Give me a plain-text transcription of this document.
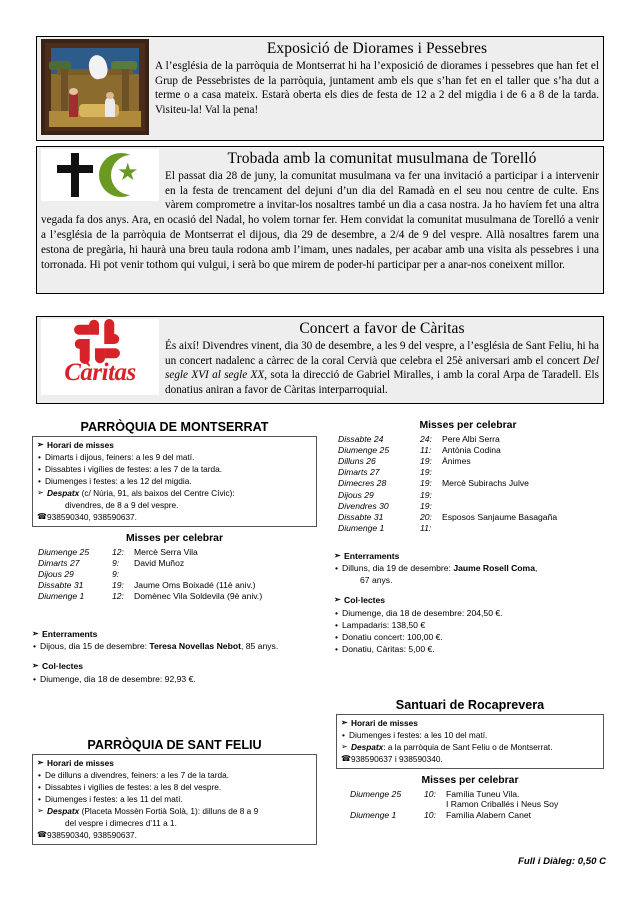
Exposició de Diorames i Pessebres
A l’església de la parròquia de Montserrat hi ha l’exposició de diorames i pessebres que han fet el Grup de Pessebristes de la parròquia, juntament amb els que s’han fet en el taller que s’ha dut a terme o a casa mateix. Estarà oberta els dies de festa de 12 a 2 del migdia i de 6 a 8 de la tarda. Visiteu-la! Val la pena!
Trobada amb la comunitat musulmana de Torelló
El passat dia 28 de juny, la comunitat musulmana va fer una invitació a participar i a intervenir en la festa de trencament del dejuni d’un dia del Ramadà en el seu nou centre de culte. Ens vàrem comprometre a invitar-los nosaltres també un dia a casa nostra. Ja ho havíem fet una altra vegada fa dos anys. Ara, en ocasió del Nadal, ho volem tornar fer. Hem convidat la comunitat musulmana de Torelló a venir a l’església de la parròquia de Montserrat el dijous, dia 29 de desembre, a 2/4 de 9 del vespre. Allà nosaltres farem una estona de pregària, hi haurà una breu taula rodona amb l’imam, unes nadales, per acabar amb una visita als pessebres i una torronada. Hi pot venir tothom qui vulgui, i serà bo que mirem de poder-hi participar per a anar-nos coneixent millor.
Càritas
Concert a favor de Càritas
És així! Divendres vinent, dia 30 de desembre, a les 9 del vespre, a l’església de Sant Feliu, hi ha un concert nadalenc a càrrec de la coral Cervià que celebra el 25è aniversari amb el concert Del segle XVI al segle XX, sota la direcció de Gabriel Miralles, i amb la coral Arpa de Taradell. Els donatius aniran a favor de Càritas interparroquial.
PARRÒQUIA DE MONTSERRAT
➢ Horari de misses
• Dimarts i dijous, feiners: a les 9 del matí.
• Dissabtes i vigílies de festes: a les 7 de la tarda.
• Diumenges i festes: a les 12 del migdia.
➢ Despatx (c/ Núria, 91, als baixos del Centre Cívic):
divendres, de 8 a 9 del vespre.
☎ 938590340, 938590637.
Misses per celebrar
Diumenge 25	12:	Mercè Serra Vila
Dimarts 27	9:	David Muñoz
Dijous 29	9:	
Dissabte 31	19:	Jaume Oms Boixadé (11è aniv.)
Diumenge 1	12:	Domènec Vila Soldevila (9è aniv.)
➢ Enterraments
• Dijous, dia 15 de desembre: Teresa Novellas Nebot, 85 anys.
➢ Col·lectes
• Diumenge, dia 18 de desembre: 92,93 €.
PARRÒQUIA DE SANT FELIU
➢ Horari de misses
• De dilluns a divendres, feiners: a les 7 de la tarda.
• Dissabtes i vigílies de festes: a les 8 del vespre.
• Diumenges i festes: a les 11 del matí.
➢ Despatx (Placeta Mossèn Fortià Solà, 1): dilluns de 8 a 9
del vespre i dimecres d’11 a 1.
☎ 938590340, 938590637.
Misses per celebrar
Dissabte 24	24:	Pere Albi Serra
Diumenge 25	11:	Antònia Codina
Dilluns 26	19:	Ànimes
Dimarts 27	19:	
Dimecres 28	19:	Mercè Subirachs Julve
Dijous 29	19:	
Divendres 30	19:	
Dissabte 31	20:	Esposos Sanjaume Basagaña
Diumenge 1	11:	
➢ Enterraments
• Dilluns, dia 19 de desembre: Jaume Rosell Coma,
67 anys.
➢ Col·lectes
• Diumenge, dia 18 de desembre: 204,50 €.
• Lampadaris: 138,50 €
• Donatiu concert: 100,00 €.
• Donatiu, Càritas: 5,00 €.
Santuari de Rocaprevera
➢ Horari de misses
• Diumenges i festes: a les 10 del matí.
➢ Despatx: a la parròquia de Sant Feliu o de Montserrat.
☎ 938590637 i 938590340.
Misses per celebrar
Diumenge 25	10:	Família Tuneu Vila.
I Ramon Criballés i Neus Soy
Diumenge 1	10:	Família Alabern Canet
Full i Diàleg: 0,50 C
